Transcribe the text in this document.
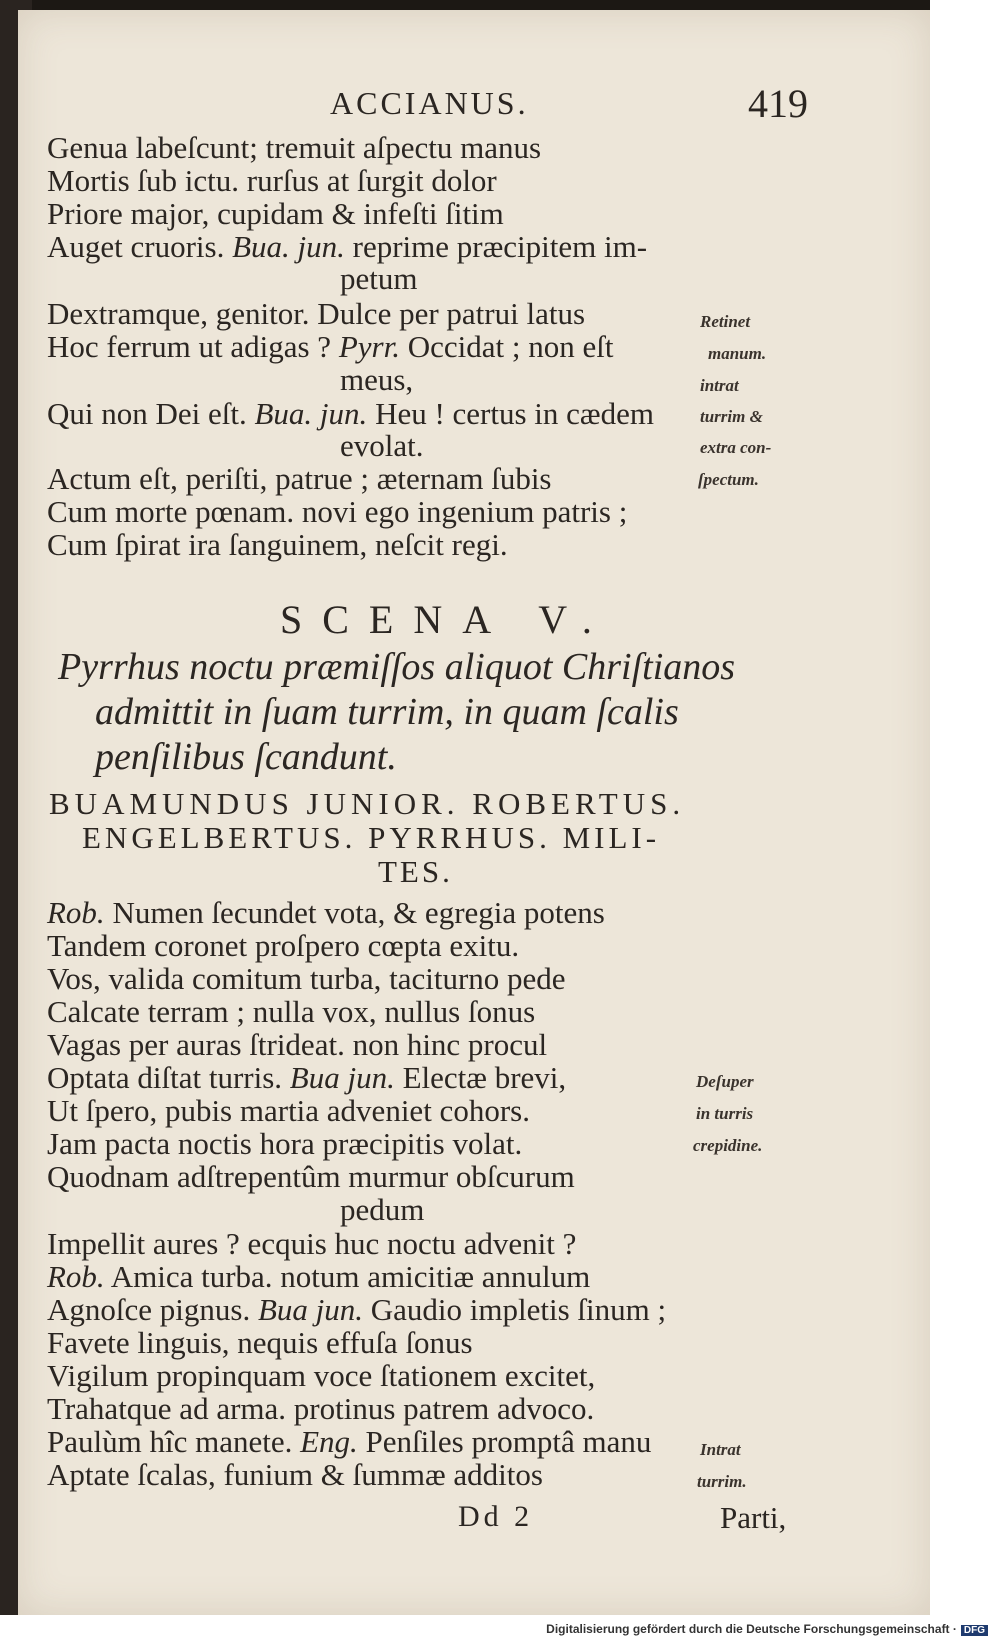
ACCIANUS.	419
Genua labeſcunt; tremuit aſpectu manus
Mortis ſub ictu. rurſus at ſurgit dolor
Priore major, cupidam & infeſti ſitim
Auget cruoris. Bua. jun. reprime præcipitem im-
petum
Dextramque, genitor. Dulce per patrui latus
Hoc ferrum ut adigas ? Pyrr. Occidat ; non eſt
meus,
Qui non Dei eſt. Bua. jun. Heu ! certus in cædem
evolat.
Actum eſt, periſti, patrue ; æternam ſubis
Cum morte pœnam. novi ego ingenium patris ;
Cum ſpirat ira ſanguinem, neſcit regi.
Retinet
manum.
intrat
turrim &
extra con-
ſpectum.
SCENA V.
Pyrrhus noctu præmiſſos aliquot Chriſtianos
admittit in ſuam turrim, in quam ſcalis
penſilibus ſcandunt.
BUAMUNDUS JUNIOR. ROBERTUS.
ENGELBERTUS. PYRRHUS. MILI-
TES.
Rob. Numen ſecundet vota, & egregia potens
Tandem coronet proſpero cœpta exitu.
Vos, valida comitum turba, taciturno pede
Calcate terram ; nulla vox, nullus ſonus
Vagas per auras ſtrideat. non hinc procul
Optata diſtat turris. Bua jun. Electæ brevi,
Ut ſpero, pubis martia adveniet cohors.
Jam pacta noctis hora præcipitis volat.
Quodnam adſtrepentûm murmur obſcurum
pedum
Impellit aures ? ecquis huc noctu advenit ?
Rob. Amica turba. notum amicitiæ annulum
Agnoſce pignus. Bua jun. Gaudio impletis ſinum ;
Favete linguis, nequis effuſa ſonus
Vigilum propinquam voce ſtationem excitet,
Trahatque ad arma. protinus patrem advoco.
Paulùm hîc manete. Eng. Penſiles promptâ manu
Aptate ſcalas, funium & ſummæ additos
Deſuper
in turris
crepidine.
Intrat
turrim.
Dd 2	Parti,
Digitalisierung gefördert durch die Deutsche Forschungsgemeinschaft · DFG
